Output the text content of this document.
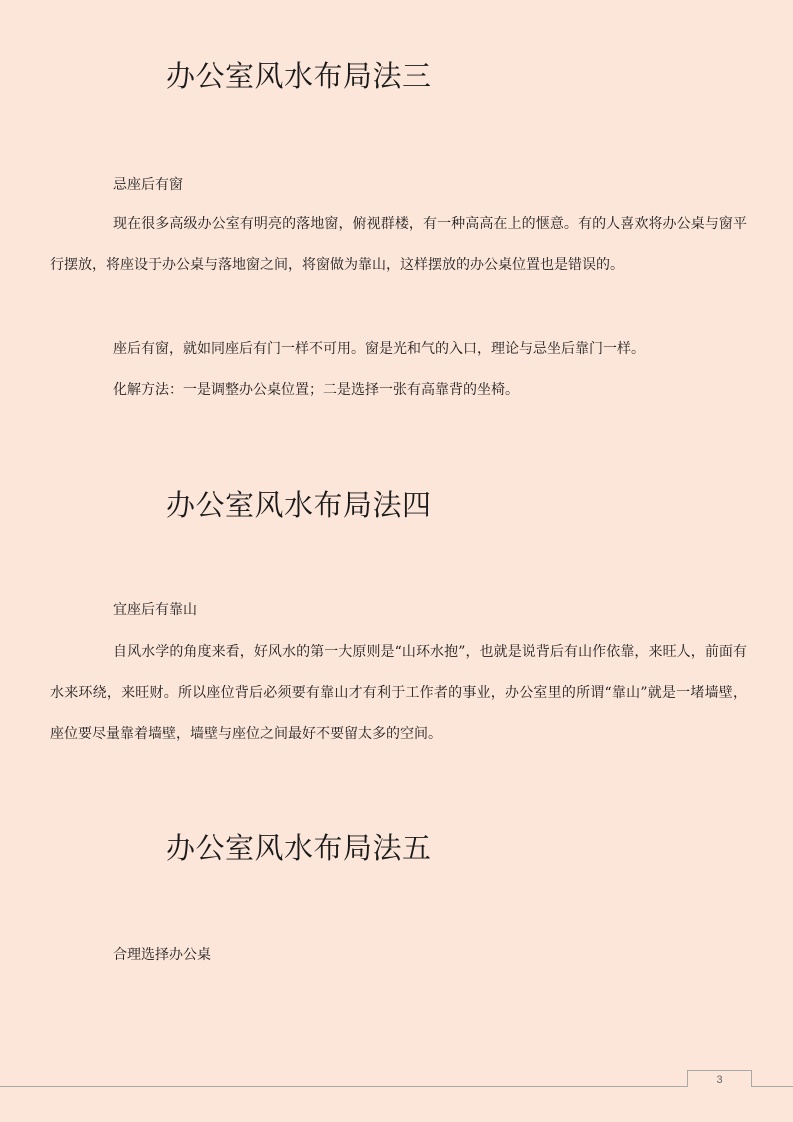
办公室风水布局法三

忌座后有窗

现在很多高级办公室有明亮的落地窗，俯视群楼，有一种高高在上的惬意。有的人喜欢将办公桌与窗平行摆放，将座设于办公桌与落地窗之间，将窗做为靠山，这样摆放的办公桌位置也是错误的。

座后有窗，就如同座后有门一样不可用。窗是光和气的入口，理论与忌坐后靠门一样。

化解方法：一是调整办公桌位置；二是选择一张有高靠背的坐椅。

办公室风水布局法四

宜座后有靠山

自风水学的角度来看，好风水的第一大原则是“山环水抱”，也就是说背后有山作依靠，来旺人，前面有水来环绕，来旺财。所以座位背后必须要有靠山才有利于工作者的事业，办公室里的所谓“靠山”就是一堵墙壁，座位要尽量靠着墙壁，墙壁与座位之间最好不要留太多的空间。

办公室风水布局法五

合理选择办公桌

3
